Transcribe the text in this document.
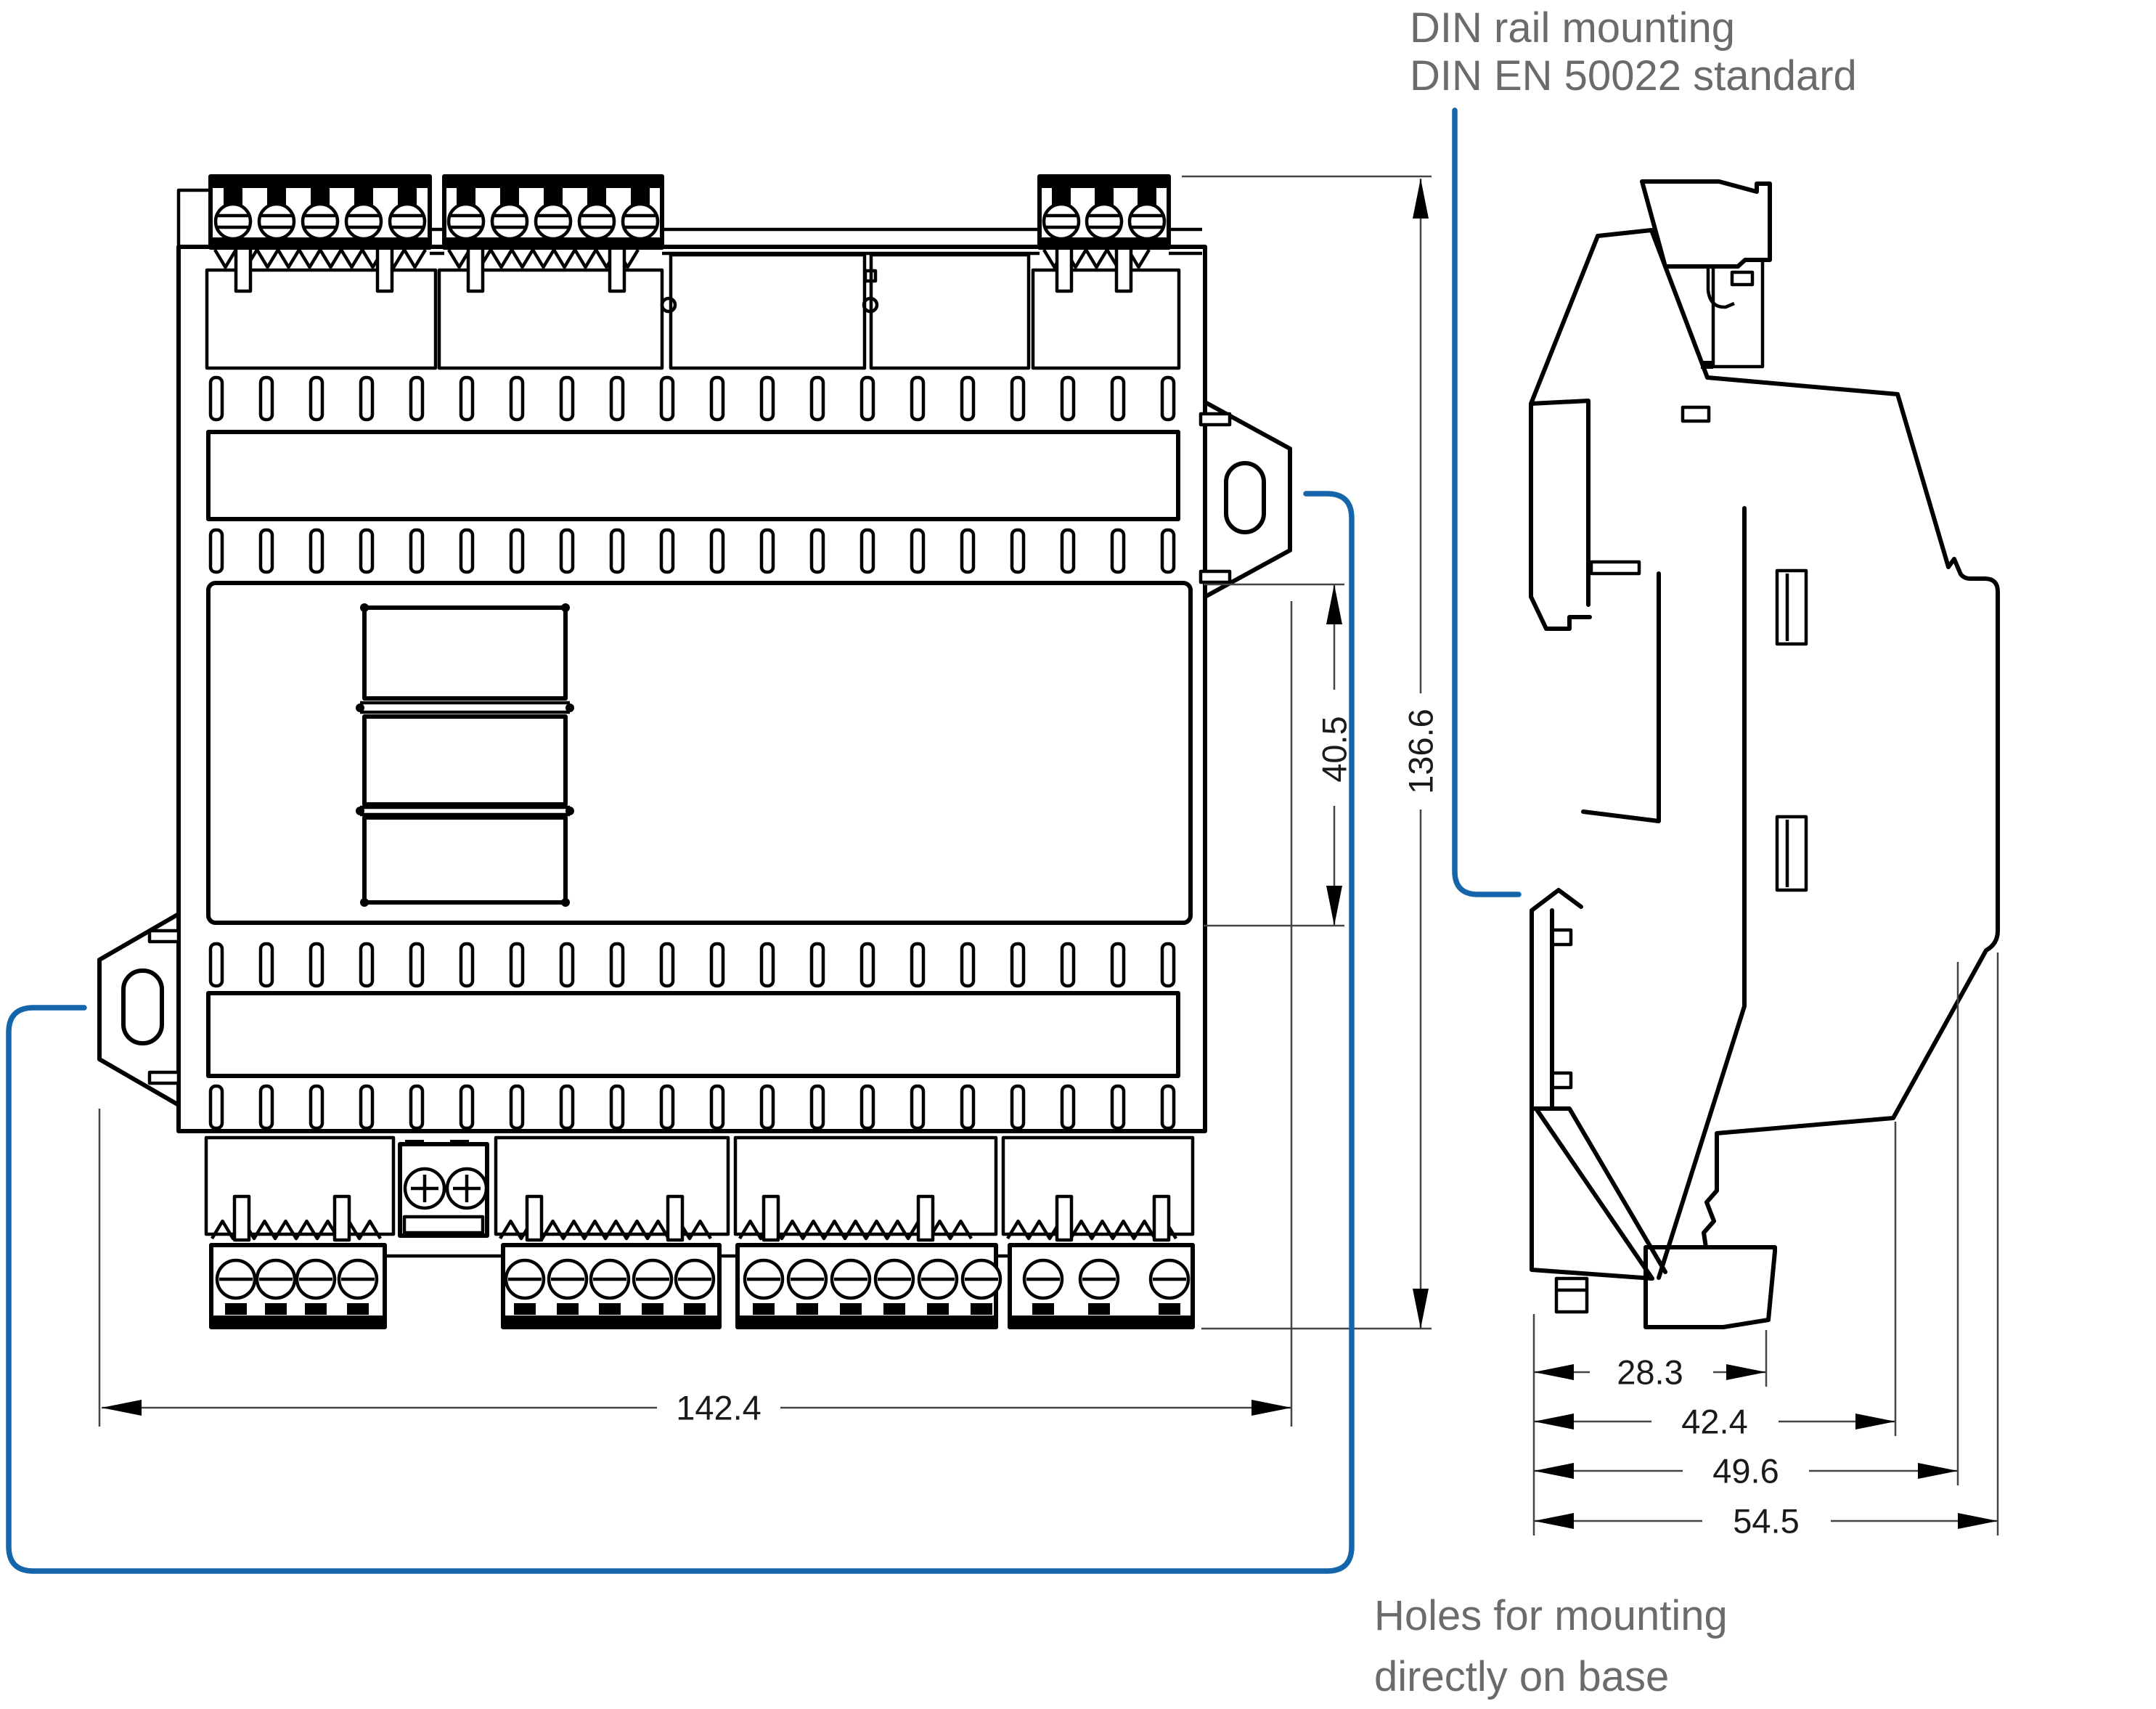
142.4
136.6
40.5
28.3
42.4
49.6
54.5
DIN rail mounting
DIN EN 50022 standard
Holes for mounting
directly on base
